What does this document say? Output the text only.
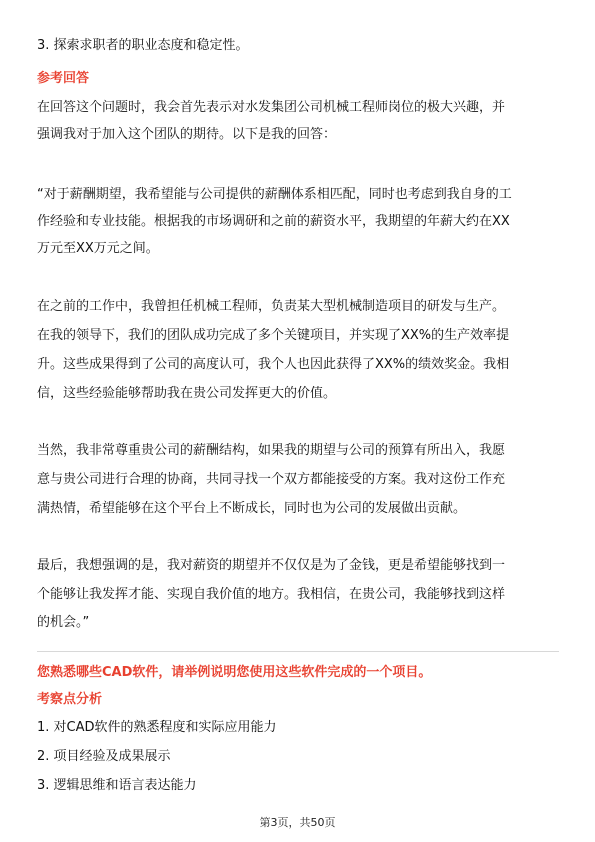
3. 探索求职者的职业态度和稳定性。
参考回答
在回答这个问题时，我会首先表示对水发集团公司机械工程师岗位的极大兴趣，并
强调我对于加入这个团队的期待。以下是我的回答：
“对于薪酬期望，我希望能与公司提供的薪酬体系相匹配，同时也考虑到我自身的工
作经验和专业技能。根据我的市场调研和之前的薪资水平，我期望的年薪大约在XX
万元至XX万元之间。
在之前的工作中，我曾担任机械工程师，负责某大型机械制造项目的研发与生产。
在我的领导下，我们的团队成功完成了多个关键项目，并实现了XX%的生产效率提
升。这些成果得到了公司的高度认可，我个人也因此获得了XX%的绩效奖金。我相
信，这些经验能够帮助我在贵公司发挥更大的价值。
当然，我非常尊重贵公司的薪酬结构，如果我的期望与公司的预算有所出入，我愿
意与贵公司进行合理的协商，共同寻找一个双方都能接受的方案。我对这份工作充
满热情，希望能够在这个平台上不断成长，同时也为公司的发展做出贡献。
最后，我想强调的是，我对薪资的期望并不仅仅是为了金钱，更是希望能够找到一
个能够让我发挥才能、实现自我价值的地方。我相信，在贵公司，我能够找到这样
的机会。”
您熟悉哪些CAD软件，请举例说明您使用这些软件完成的一个项目。
考察点分析
1. 对CAD软件的熟悉程度和实际应用能力
2. 项目经验及成果展示
3. 逻辑思维和语言表达能力
第3页，共50页
